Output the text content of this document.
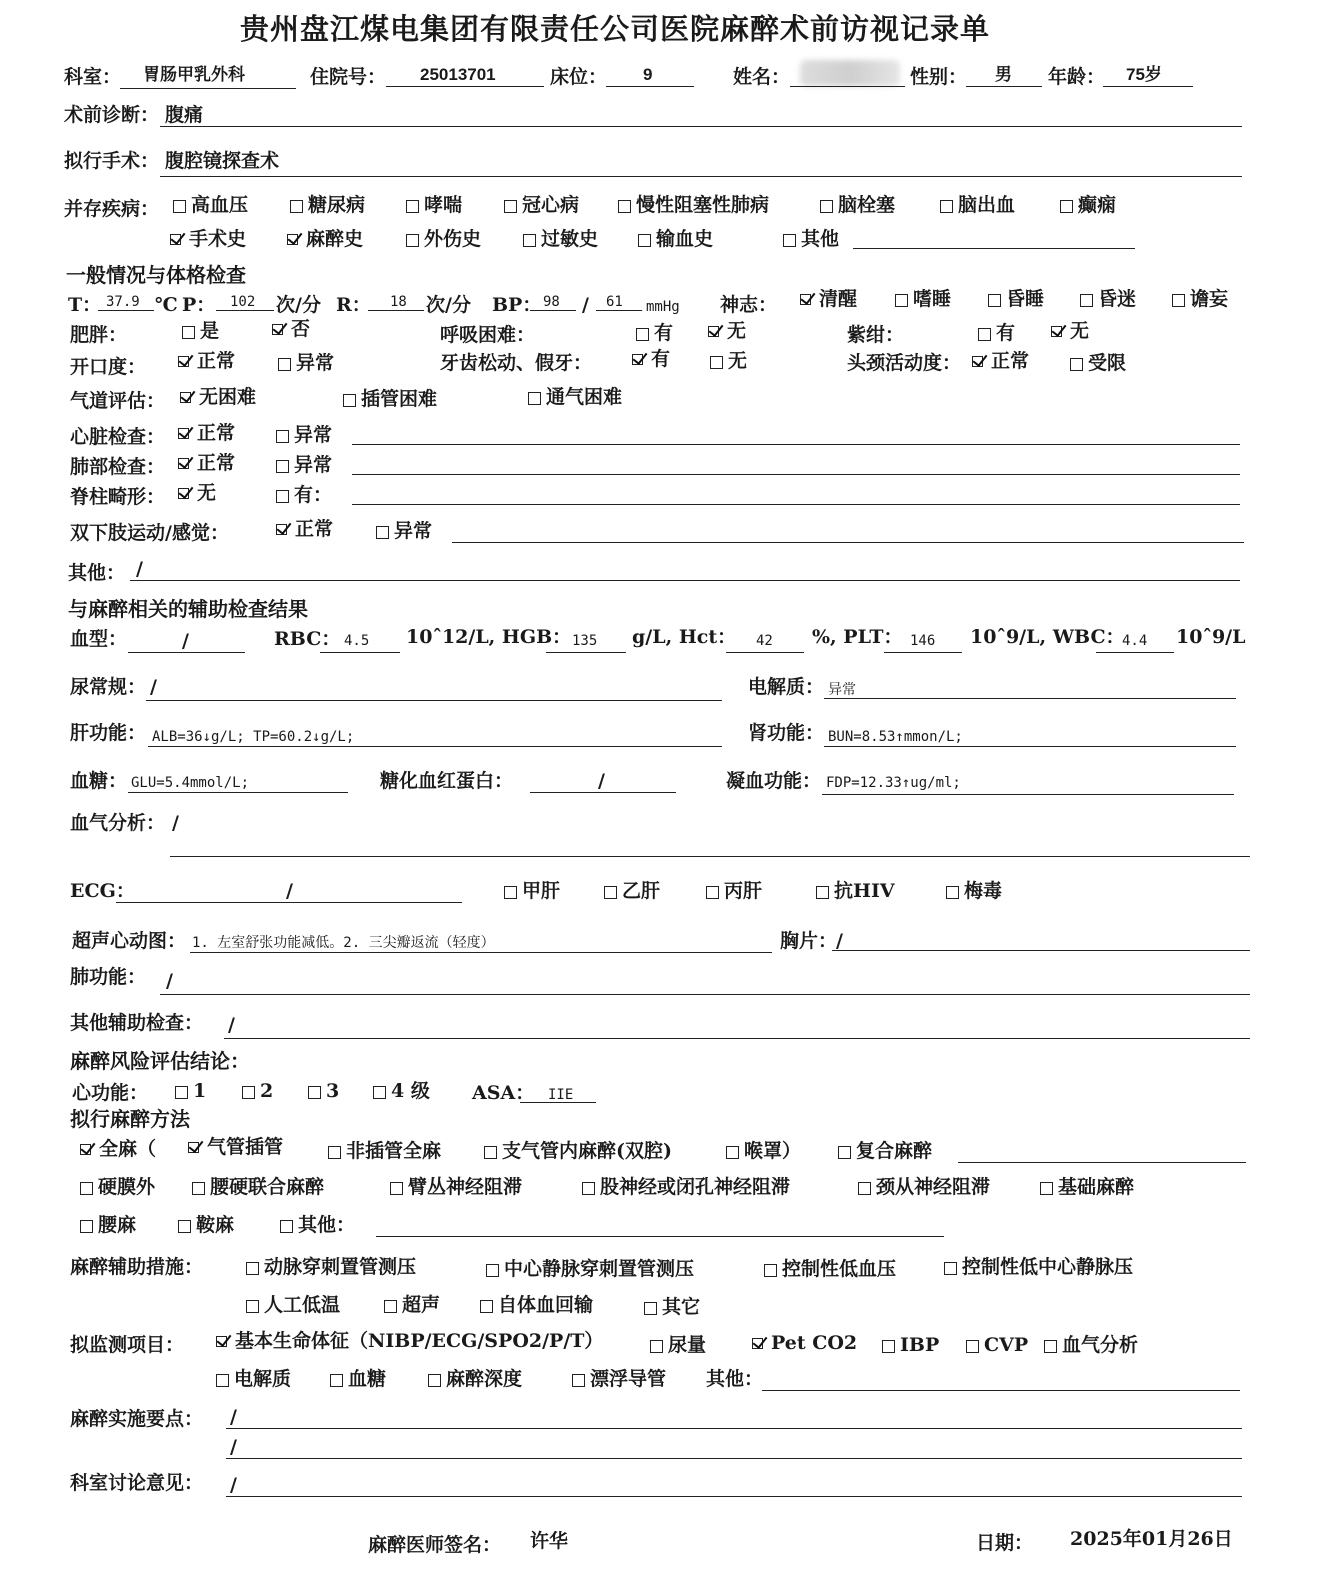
贵州盘江煤电集团有限责任公司医院麻醉术前访视记录单
科室： 胃肠甲乳外科	住院号： 25013701	床位： 9	姓名：	性别： 男 年龄： 75岁
术前诊断： 腹痛
拟行手术： 腹腔镜探查术
并存疾病： 高血压	糖尿病	哮喘	冠心病	慢性阻塞性肺病	脑栓塞	脑出血	癫痫
手术史	麻醉史	外伤史	过敏史	输血史	其他
一般情况与体格检查
T： 37.9 ℃ P： 102 次/分 R： 18 次/分 BP： 98 / 61 mmHg 神志： 清醒	嗜睡	昏睡	昏迷	谵妄
肥胖：	是	否	呼吸困难：	有	无	紫绀：	有	无
开口度：	正常	异常	牙齿松动、假牙：	有	无	头颈活动度： 正常	受限
气道评估： 无困难	插管困难	通气困难
心脏检查： 正常	异常
肺部检查： 正常	异常
脊柱畸形： 无	有：
双下肢运动/感觉：	正常	异常
其他： /
与麻醉相关的辅助检查结果
血型：	/	RBC： 4.5 10ˆ12/L, HGB： 135 g/L, Hct： 42 %, PLT： 146 10ˆ9/L, WBC：
4.4 10ˆ9/L
尿常规： /	电解质： 异常
肝功能： ALB=36↓g/L; TP=60.2↓g/L;	肾功能： BUN=8.53↑mmon/L;
血糖： GLU=5.4mmol/L;	糖化血红蛋白：	/	凝血功能： FDP=12.33↑ug/ml;
血气分析： /
ECG：	/	甲肝	乙肝	丙肝	抗HIV	梅毒
超声心动图： 1. 左室舒张功能减低。2. 三尖瓣返流（轻度）	胸片：
/
肺功能： /
其他辅助检查： /
麻醉风险评估结论：
心功能： 1	2	3	4 级 ASA： IIE
拟行麻醉方法
全麻（	气管插管	非插管全麻	支气管内麻醉(双腔)	喉罩）	复合麻醉
硬膜外	腰硬联合麻醉	臂丛神经阻滞	股神经或闭孔神经阻滞	颈从神经阻滞	基础麻醉
腰麻	鞍麻	其他：
麻醉辅助措施：	动脉穿刺置管测压	中心静脉穿刺置管测压	控制性低血压	控制性低中心静脉压
人工低温	超声	自体血回输	其它
拟监测项目：	基本生命体征（NIBP/ECG/SPO2/P/T）	尿量	Pet CO2 IBP CVP 血气分析
电解质	血糖	麻醉深度	漂浮导管 其他：
麻醉实施要点： /
/
科室讨论意见： /
麻醉医师签名： 许华	日期： 2025年01月26日
